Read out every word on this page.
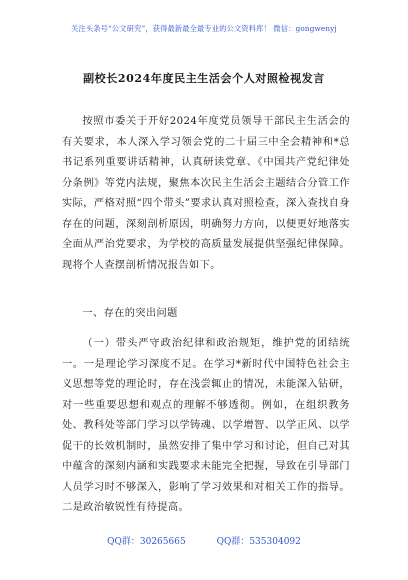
关注头条号“公文研究”，获得最新最全最专业的公文资料库！ 微信：gongwenyj
副校长2024年度民主生活会个人对照检视发言

按照市委关于开好2024年度党员领导干部民主生活会的有关要求，本人深入学习领会党的二十届三中全会精神和*总书记系列重要讲话精神，认真研读党章、《中国共产党纪律处分条例》等党内法规，聚焦本次民主生活会主题结合分管工作实际，严格对照“四个带头”要求认真对照检查，深入查找自身存在的问题，深刻剖析原因，明确努力方向，以便更好地落实全面从严治党要求，为学校的高质量发展提供坚强纪律保障。现将个人查摆剖析情况报告如下。

一、存在的突出问题

（一）带头严守政治纪律和政治规矩，维护党的团结统一。一是理论学习深度不足。在学习*新时代中国特色社会主义思想等党的理论时，存在浅尝辄止的情况，未能深入钻研，对一些重要思想和观点的理解不够透彻。例如，在组织教务处、教科处等部门学习以学铸魂、以学增智、以学正风、以学促干的长效机制时，虽然安排了集中学习和讨论，但自己对其中蕴含的深刻内涵和实践要求未能完全把握，导致在引导部门人员学习时不够深入，影响了学习效果和对相关工作的指导。二是政治敏锐性有待提高。

QQ群：30265665	QQ群：535304092
